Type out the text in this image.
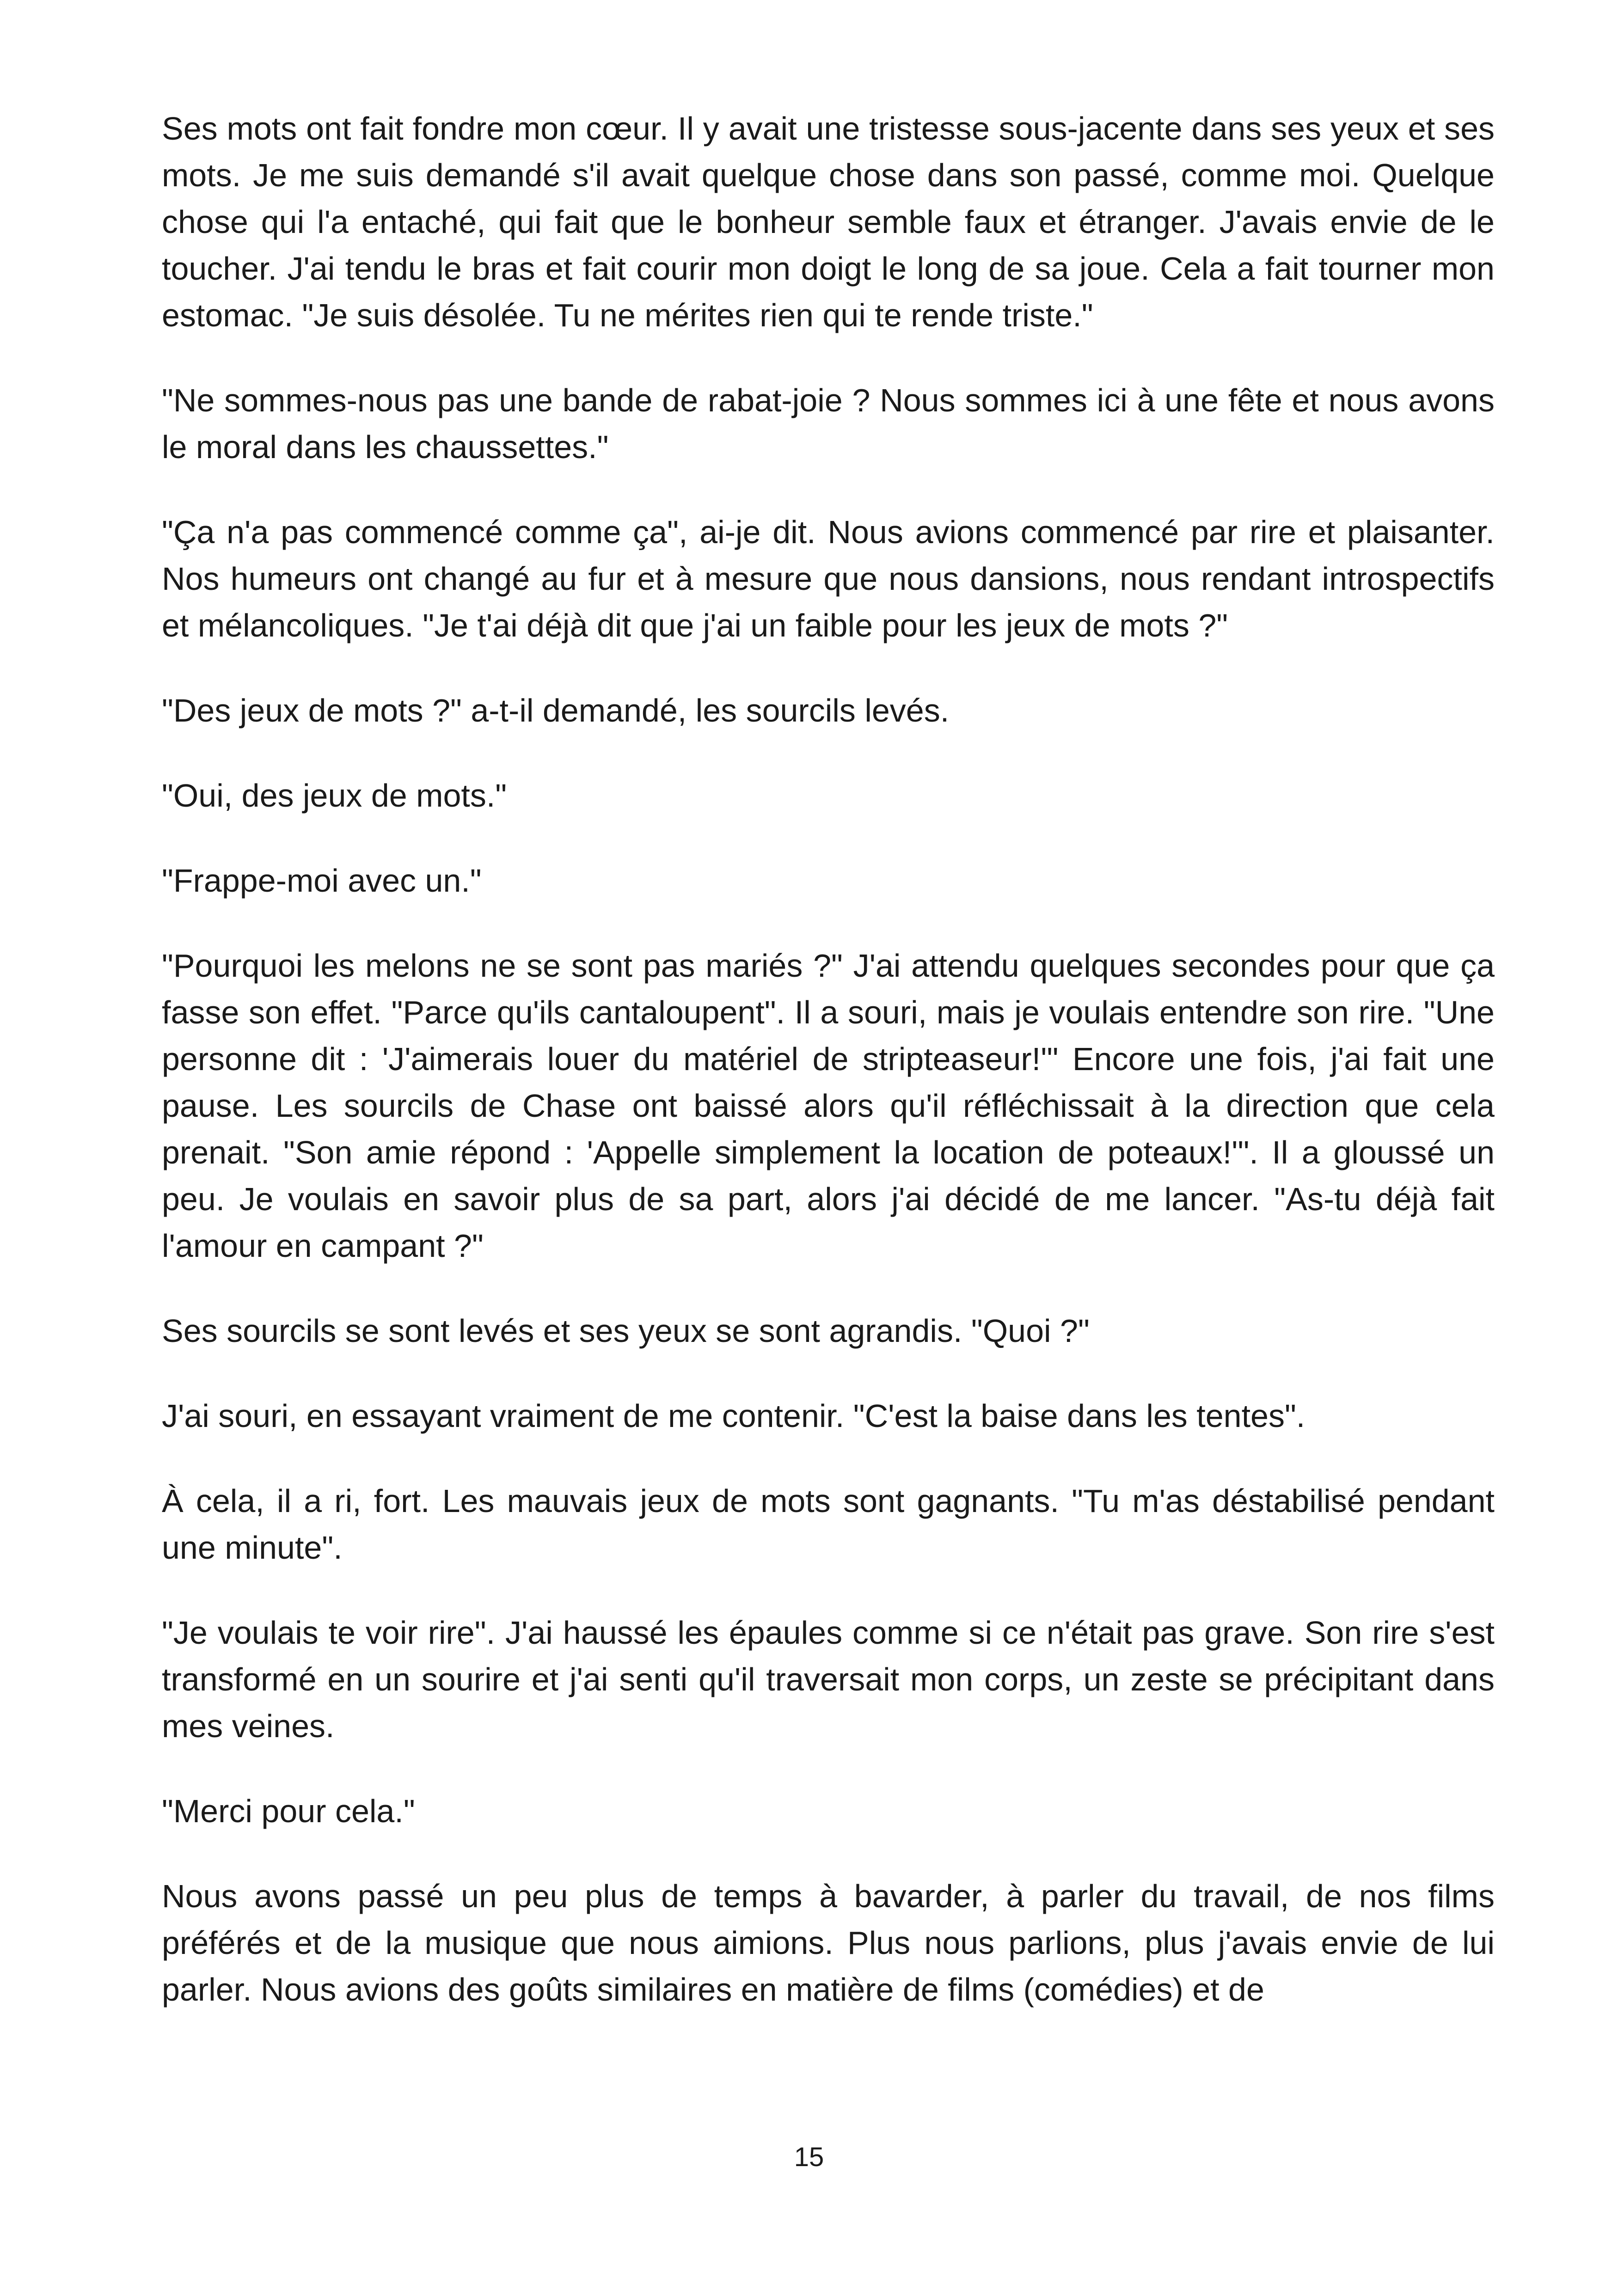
Ses mots ont fait fondre mon cœur. Il y avait une tristesse sous-jacente dans ses yeux et ses mots. Je me suis demandé s'il avait quelque chose dans son passé, comme moi. Quelque chose qui l'a entaché, qui fait que le bonheur semble faux et étranger. J'avais envie de le toucher. J'ai tendu le bras et fait courir mon doigt le long de sa joue. Cela a fait tourner mon estomac. "Je suis désolée. Tu ne mérites rien qui te rende triste."

"Ne sommes-nous pas une bande de rabat-joie ? Nous sommes ici à une fête et nous avons le moral dans les chaussettes."

"Ça n'a pas commencé comme ça", ai-je dit. Nous avions commencé par rire et plaisanter. Nos humeurs ont changé au fur et à mesure que nous dansions, nous rendant introspectifs et mélancoliques. "Je t'ai déjà dit que j'ai un faible pour les jeux de mots ?"

"Des jeux de mots ?" a-t-il demandé, les sourcils levés.

"Oui, des jeux de mots."

"Frappe-moi avec un."

"Pourquoi les melons ne se sont pas mariés ?" J'ai attendu quelques secondes pour que ça fasse son effet. "Parce qu'ils cantaloupent". Il a souri, mais je voulais entendre son rire. "Une personne dit : 'J'aimerais louer du matériel de stripteaseur!'" Encore une fois, j'ai fait une pause. Les sourcils de Chase ont baissé alors qu'il réfléchissait à la direction que cela prenait. "Son amie répond : 'Appelle simplement la location de poteaux!'". Il a gloussé un peu. Je voulais en savoir plus de sa part, alors j'ai décidé de me lancer. "As-tu déjà fait l'amour en campant ?"

Ses sourcils se sont levés et ses yeux se sont agrandis. "Quoi ?"

J'ai souri, en essayant vraiment de me contenir. "C'est la baise dans les tentes".

À cela, il a ri, fort. Les mauvais jeux de mots sont gagnants. "Tu m'as déstabilisé pendant une minute".

"Je voulais te voir rire". J'ai haussé les épaules comme si ce n'était pas grave. Son rire s'est transformé en un sourire et j'ai senti qu'il traversait mon corps, un zeste se précipitant dans mes veines.

"Merci pour cela."

Nous avons passé un peu plus de temps à bavarder, à parler du travail, de nos films préférés et de la musique que nous aimions. Plus nous parlions, plus j'avais envie de lui parler. Nous avions des goûts similaires en matière de films (comédies) et de

15
